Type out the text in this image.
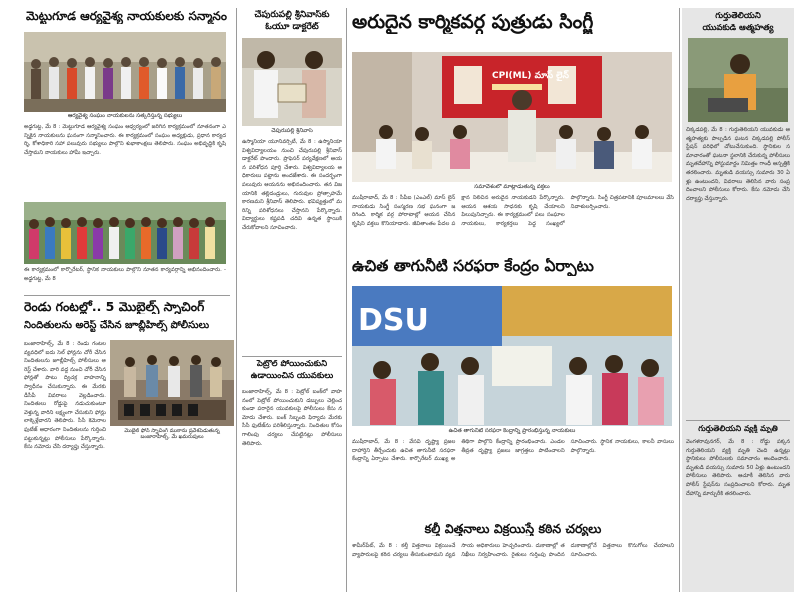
మెట్టుగూడ ఆర్యవైశ్య నాయకులకు సన్మానం
ఆర్యవైశ్య సంఘం నాయకులను సత్కరిస్తున్న సభ్యులు
అడ్డగుట్ట, మే 8 : మెట్టుగూడ ఆర్యవైశ్య సంఘం ఆధ్వర్యంలో జరిగిన కార్యక్రమంలో నూతనంగా ఎన్నికైన నాయకులను ఘనంగా సన్మానించారు. ఈ కార్యక్రమంలో సంఘం అధ్యక్షుడు, ప్రధాన కార్యదర్శి, కోశాధికారి సహా పలువురు సభ్యులు పాల్గొని శుభాకాంక్షలు తెలిపారు. సంఘం అభివృద్ధికి కృషి చేస్తామని నాయకులు హామీ ఇచ్చారు.
ఈ కార్యక్రమంలో కార్పొరేటర్, స్థానిక నాయకులు పాల్గొని నూతన కార్యవర్గాన్ని అభినందించారు. - అడ్డగుట్ట, మే 8
రెండు గంటల్లో.. 5 మొబైల్స్ స్నాచింగ్
నిందితులను అరెస్ట్ చేసిన జూబ్లీహిల్స్ పోలీసులు
బంజారాహిల్స్, మే 8 : రెండు గంటల వ్యవధిలో ఐదు సెల్ ఫోన్లను చోరీ చేసిన నిందితులను జూబ్లీహిల్స్ పోలీసులు అరెస్ట్ చేశారు. వారి వద్ద నుంచి చోరీ చేసిన ఫోన్లతో పాటు ద్విచక్ర వాహనాన్ని స్వాధీనం చేసుకున్నారు. ఈ మేరకు డీసీపీ వివరాలు వెల్లడించారు. నిందితులు రోడ్డుపై నడుచుకుంటూ వెళ్తున్న వారిని లక్ష్యంగా చేసుకుని ఫోన్లు లాక్కెళ్లేవారని తెలిపారు. సీసీ కెమెరాల ఫుటేజ్ ఆధారంగా నిందితులను గుర్తించి పట్టుకున్నట్లు పోలీసులు పేర్కొన్నారు. కేసు నమోదు చేసి దర్యాప్తు చేస్తున్నారు.
మొబైల్ ఫోన్ స్నాచింగ్ ముఠాను ప్రవేశపెడుతున్న బంజారాహిల్స్, మే ఖమరుపులు
చేపురుపల్లి శ్రీనివాస్‌కు
ఓయూ డాక్టరేట్
చేపురుపల్లి శ్రీనివాస్
ఉస్మానియా యూనివర్సిటీ, మే 8 : ఉస్మానియా విశ్వవిద్యాలయం నుంచి చేపురుపల్లి శ్రీనివాస్ డాక్టరేట్ పొందారు. ప్రొఫెసర్ పర్యవేక్షణలో ఆయన పరిశోధన పూర్తి చేశారు. విశ్వవిద్యాలయ అధికారులు పట్టాను అందజేశారు. ఈ సందర్భంగా పలువురు ఆయనను అభినందించారు. తన విజయానికి తల్లిదండ్రులు, గురువుల ప్రోత్సాహమే కారణమని శ్రీనివాస్ తెలిపారు. భవిష్యత్తులో మరిన్ని పరిశోధనలు చేస్తానని పేర్కొన్నారు. విద్యార్థులు కష్టపడి చదివి ఉన్నత స్థాయికి చేరుకోవాలని సూచించారు.
పెట్రోల్ పోయించుకుని
ఉడాయించిన యువకులు
బంజారాహిల్స్, మే 8 : పెట్రోల్ బంక్‌లో వాహనంలో పెట్రోల్ పోయించుకుని డబ్బులు చెల్లించకుండా పరారైన యువకులపై పోలీసులు కేసు నమోదు చేశారు. బంక్ సిబ్బంది ఫిర్యాదు మేరకు సీసీ ఫుటేజ్‌ను పరిశీలిస్తున్నారు. నిందితుల కోసం గాలింపు చర్యలు చేపట్టినట్లు పోలీసులు తెలిపారు.
అరుదైన కార్మికవర్గ పుత్రుడు సింగ్జీ
CPI(ML) మాస్ లైన్
సమావేశంలో మాట్లాడుతున్న వక్తలు
ముషీరాబాద్, మే 8 : సీపీఐ (ఎంఎల్) మాస్ లైన్ నాయకుడు సింగ్జీ సంస్మరణ సభ ఘనంగా జరిగింది. కార్మిక వర్గ పోరాటాల్లో ఆయన చేసిన కృషిని వక్తలు కొనియాడారు. జీవితాంతం పేదల పక్షాన నిలిచిన అరుదైన నాయకుడని పేర్కొన్నారు. ఆయన ఆశయ సాధనకు కృషి చేయాలని పిలుపునిచ్చారు. ఈ కార్యక్రమంలో పలు సంఘాల నాయకులు, కార్యకర్తలు పెద్ద సంఖ్యలో పాల్గొన్నారు. సింగ్జీ చిత్రపటానికి పూలమాలలు వేసి నివాళులర్పించారు.
ఉచిత తాగునీటి సరఫరా కేంద్రం ఏర్పాటు
DSU
ఉచిత తాగునీటి సరఫరా కేంద్రాన్ని ప్రారంభిస్తున్న నాయకులు
ముషీరాబాద్, మే 8 : వేసవి దృష్ట్యా ప్రజల దాహార్తిని తీర్చేందుకు ఉచిత తాగునీటి సరఫరా కేంద్రాన్ని ఏర్పాటు చేశారు. కార్పొరేటర్ ముఖ్య అతిథిగా పాల్గొని కేంద్రాన్ని ప్రారంభించారు. ఎండల తీవ్రత దృష్ట్యా ప్రజలు జాగ్రత్తలు పాటించాలని సూచించారు. స్థానిక నాయకులు, కాలనీ వాసులు పాల్గొన్నారు.
కల్తీ విత్తనాలు విక్రయిస్తే కఠిన చర్యలు
శామీర్‌పేట్, మే 8 : కల్తీ విత్తనాలు విక్రయించే వ్యాపారులపై కఠిన చర్యలు తీసుకుంటామని వ్యవసాయ అధికారులు హెచ్చరించారు. దుకాణాల్లో తనిఖీలు నిర్వహించారు. రైతులు గుర్తింపు పొందిన దుకాణాల్లోనే విత్తనాలు కొనుగోలు చేయాలని సూచించారు.
గుర్తుతెలియని
యువకుడి ఆత్మహత్య
చిక్కడపల్లి, మే 8 : గుర్తుతెలియని యువకుడు ఆత్మహత్యకు పాల్పడిన ఘటన చిక్కడపల్లి పోలీస్ స్టేషన్ పరిధిలో చోటుచేసుకుంది. స్థానికుల సమాచారంతో ఘటనా స్థలానికి చేరుకున్న పోలీసులు మృతదేహాన్ని పోస్టుమార్టం నిమిత్తం గాంధీ ఆస్పత్రికి తరలించారు. మృతుడి వయస్సు సుమారు 30 ఏళ్లు ఉంటుందని, వివరాలు తెలిసిన వారు సంప్రదించాలని పోలీసులు కోరారు. కేసు నమోదు చేసి దర్యాప్తు చేస్తున్నారు.
గుర్తుతెలియని వ్యక్తి మృతి
వెంగళరావునగర్, మే 8 : రోడ్డు పక్కన గుర్తుతెలియని వ్యక్తి మృతి చెంది ఉన్నట్లు స్థానికులు పోలీసులకు సమాచారం అందించారు. మృతుడి వయస్సు సుమారు 50 ఏళ్లు ఉంటుందని పోలీసులు తెలిపారు. ఆచూకీ తెలిసిన వారు పోలీస్ స్టేషన్‌ను సంప్రదించాలని కోరారు. మృతదేహాన్ని మార్చురీకి తరలించారు.
